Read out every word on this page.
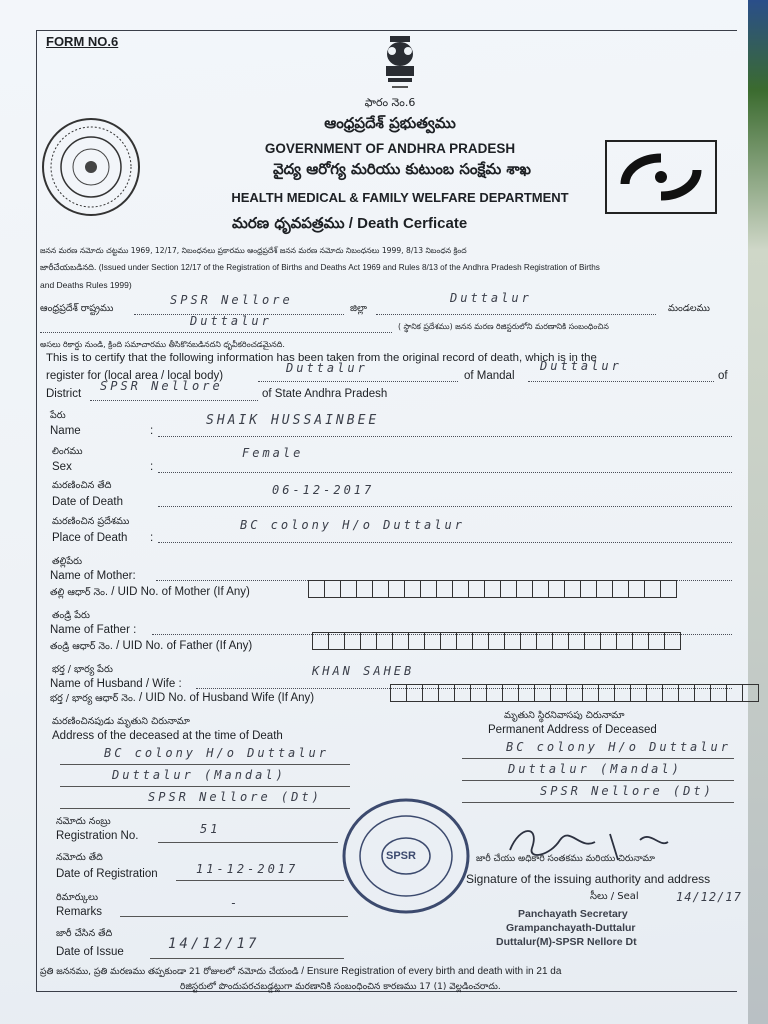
FORM NO.6
ఫారం నెం.6
ఆంధ్రప్రదేశ్ ప్రభుత్వము
GOVERNMENT OF ANDHRA PRADESH
వైద్య ఆరోగ్య మరియు కుటుంబ సంక్షేమ శాఖ
HEALTH MEDICAL & FAMILY WELFARE DEPARTMENT
మరణ ధృవపత్రము / Death Cerficate
జనన మరణ నమోదు చట్టము 1969, 12/17, నిబంధనలు ప్రకారము ఆంధ్రప్రదేశ్ జనన మరణ నమోదు నిబంధనలు 1999, 8/13 నిబంధన క్రింద
జారీచేయబడినది. (Issued under Section 12/17 of the Registration of Births and Deaths Act 1969 and Rules 8/13 of the Andhra Pradesh Registration of Births
and Deaths Rules 1999)
ఆంధ్రప్రదేశ్ రాష్ట్రము
SPSR Nellore
జిల్లా
Duttalur
మండలము
Duttalur	( స్థానిక ప్రదేశము) జనన మరణ రిజిస్టరులోని మరణానికి సంబంధించిన
అసలు రికార్డు నుండి, క్రింది సమాచారము తీసికొనబడినదని ధృవీకరించడమైనది.
This is to certify that the following information has been taken from the original record of death, which is in the
register for (local area / local body)
Duttalur
of Mandal
Duttalur
of
District
SPSR Nellore
of State Andhra Pradesh
పేరు
Name	:
SHAIK HUSSAINBEE
లింగము
Sex	:
Female
మరణించిన తేది
Date of Death
06-12-2017
మరణించిన ప్రదేశము
Place of Death :
BC colony H/o Duttalur
తల్లిపేరు
Name of Mother:
తల్లి ఆధార్ నెం. / UID No. of Mother (If Any)
తండ్రి పేరు
Name of Father :
తండ్రి ఆధార్ నెం. / UID No. of Father (If Any)
భర్త / భార్య పేరు
Name of Husband / Wife :
KHAN SAHEB
భర్త / భార్య ఆధార్ నెం. / UID No. of Husband Wife (If Any)
మరణించినపుడు మృతుని చిరునామా
Address of the deceased at the time of Death
BC colony H/o Duttalur
Duttalur (Mandal)
SPSR Nellore (Dt)
మృతుని స్థిరనివాసపు చిరునామా
Permanent Address of Deceased
BC colony H/o Duttalur
Duttalur (Mandal)
SPSR Nellore (Dt)
నమోదు నంబ్రు
Registration No.	51
నమోదు తేది
Date of Registration	11-12-2017
రిమార్కులు
Remarks
-
జారీ చేసిన తేది
Date of Issue	14/12/17
SPSR	జారీ చేయు అధికారి సంతకము మరియు చిరునామా
Signature of the issuing authority and address
సీలు / Seal	14/12/17
Panchayath Secretary
Grampanchayath-Duttalur
Duttalur(M)-SPSR Nellore Dt
ప్రతి జననము, ప్రతి మరణము తప్పకుండా 21 రోజులలో నమోదు చేయండి / Ensure Registration of every birth and death with in 21 da
రిజిస్టరులో పొందుపరచబడ్డట్లుగా మరణానికి సంబంధించిన కారణము 17 (1) వెల్లడించరాదు.
